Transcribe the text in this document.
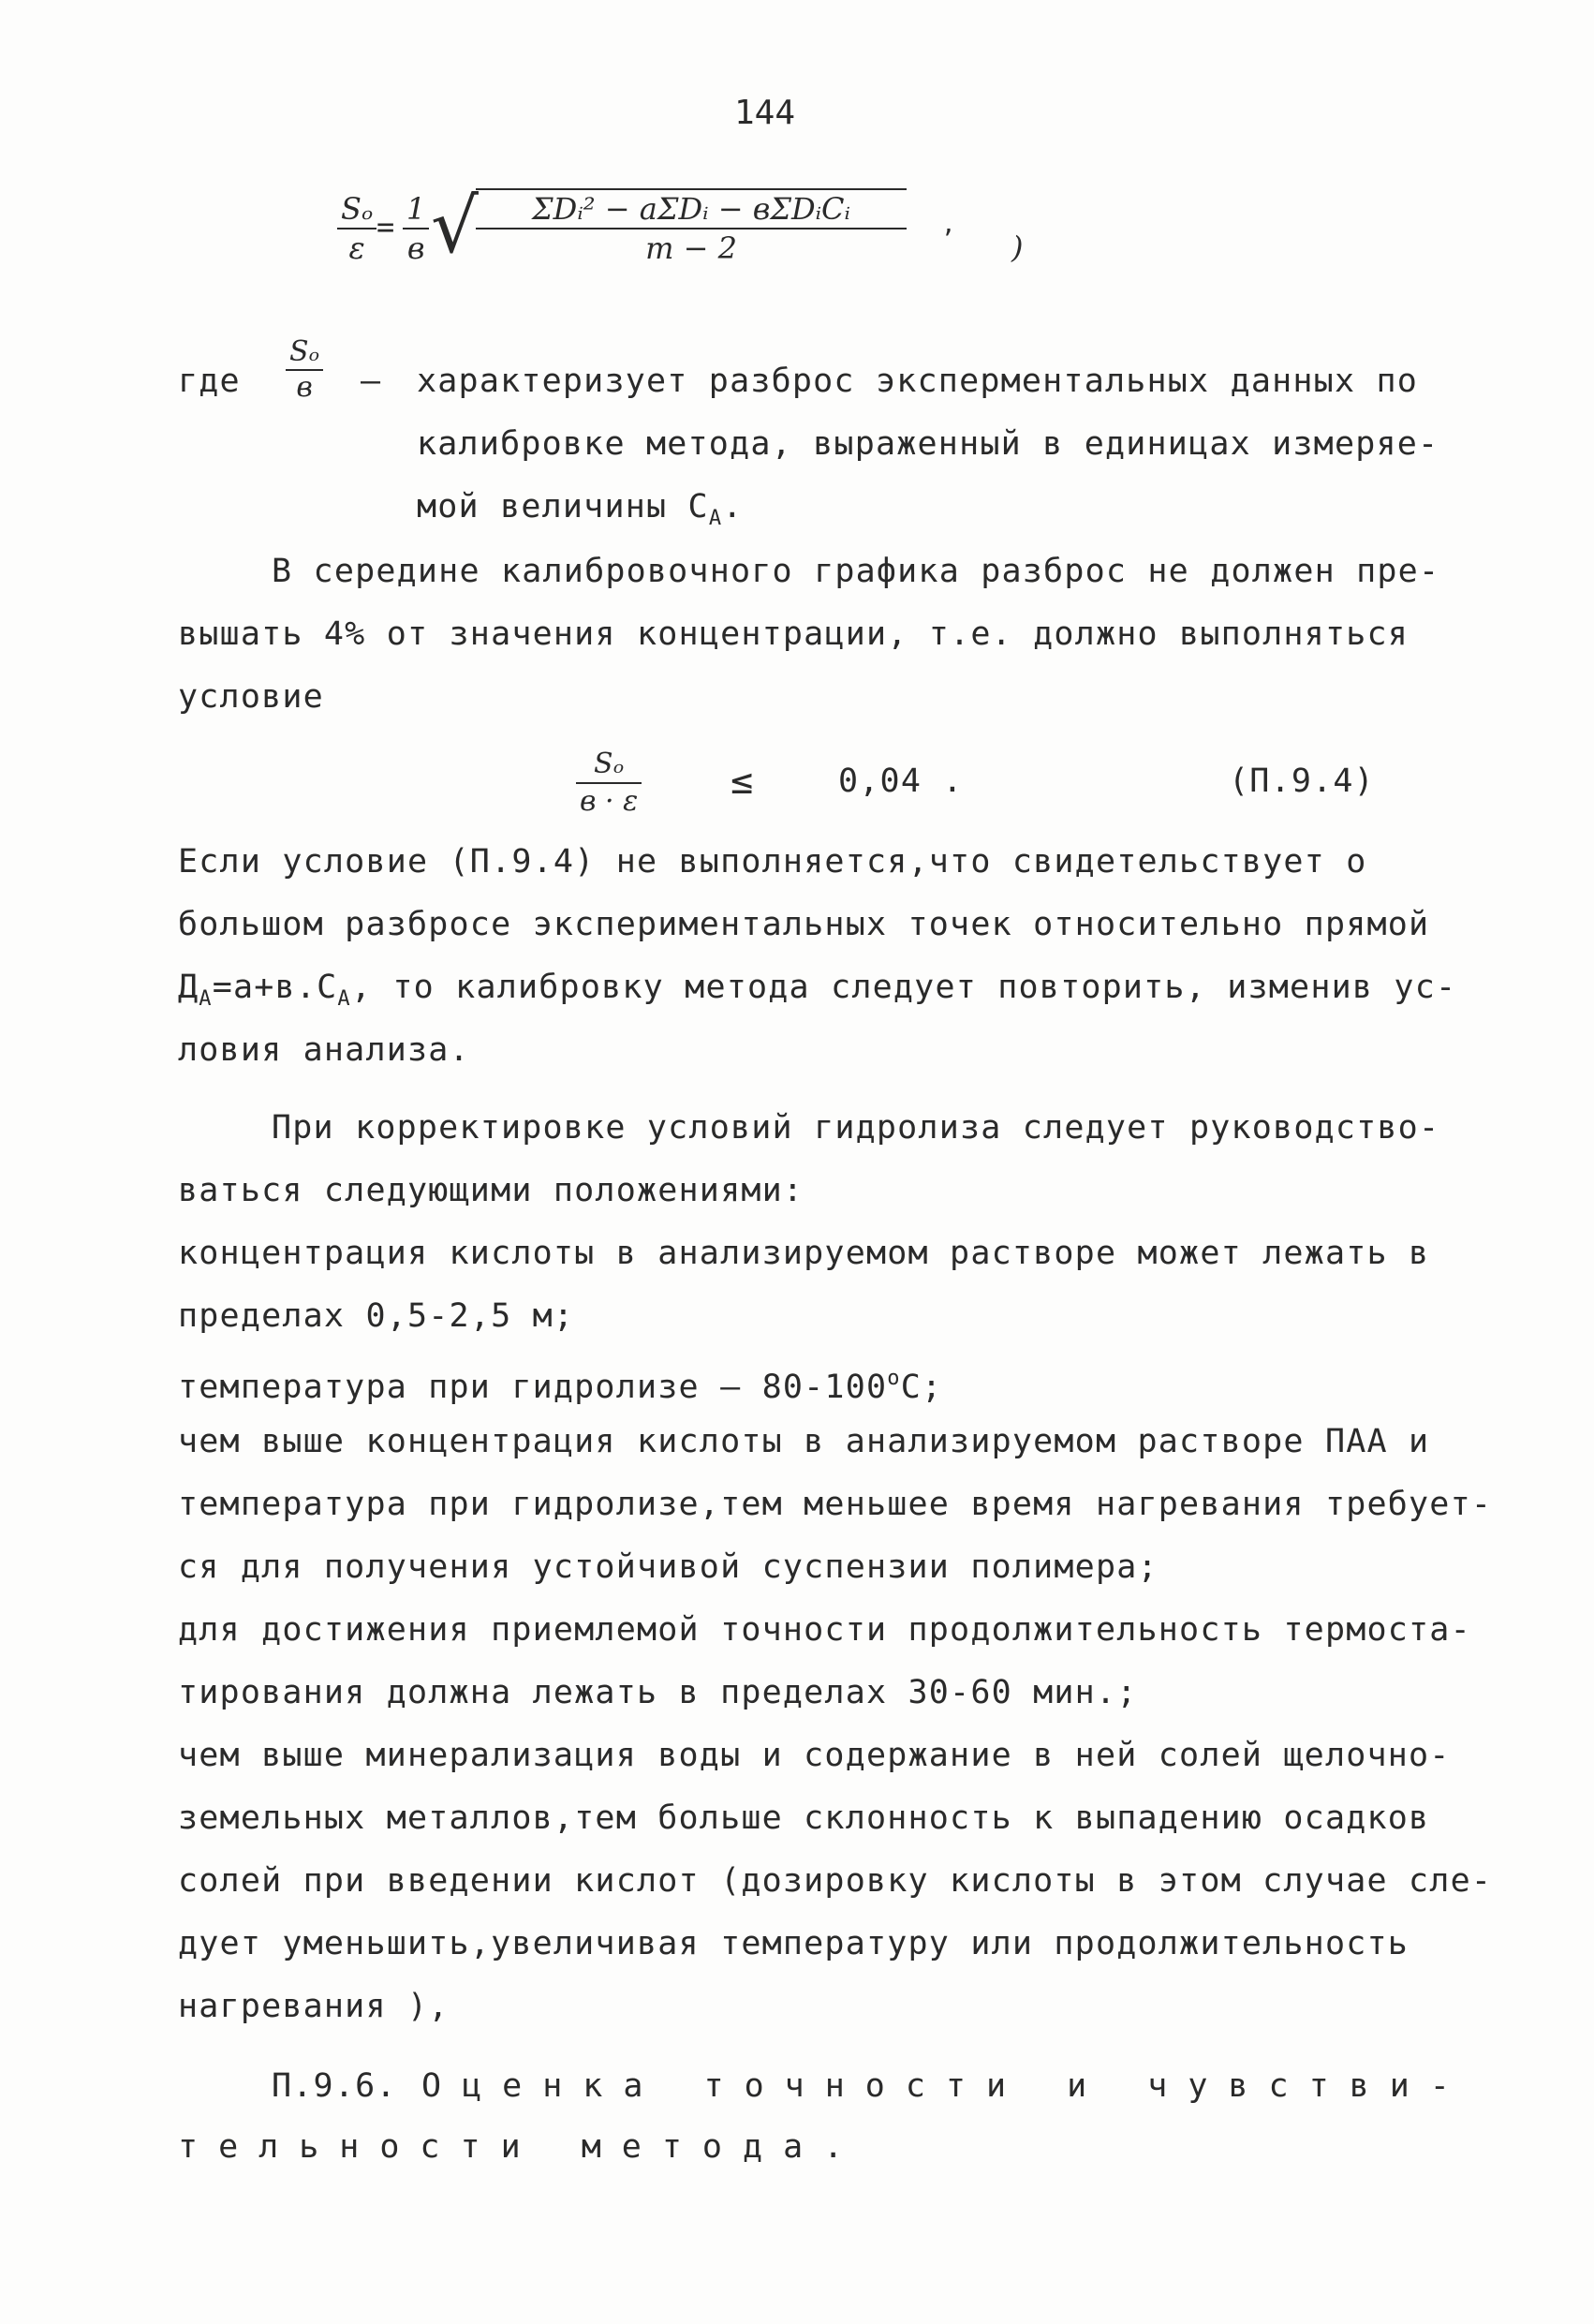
144
$\frac{\text{Sₒ}}{\varepsilon} = 1$
в √	ΣDᵢ² − aΣDᵢ − вΣDᵢCᵢ
m − 2
,
)
где
Sₒ
в	– характеризует разброс эксперментальных данных по
калибровке метода, выраженный в единицах измеряе-
мой величины $С_А$.
В середине калибровочного графика разброс не должен пре-
вышать 4% от значения концентрации, т.е. должно выполняться
условие
Sₒ
в · ε ≤	0,04 .	(П.9.4)
Если условие (П.9.4) не выполняется,что свидетельствует о
большом разбросе экспериментальных точек относительно прямой
$Д_А=а+в.С_А$, то калибровку метода следует повторить, изменив ус-
ловия анализа.
При корректировке условий гидролиза следует руководство-
ваться следующими положениями:
концентрация кислоты в анализируемом растворе может лежать в
пределах 0,5-2,5 м;
температура при гидролизе – $80-100^оС$;
чем выше концентрация кислоты в анализируемом растворе ПАА и
температура при гидролизе,тем меньшее время нагревания требует-
ся для получения устойчивой суспензии полимера;
для достижения приемлемой точности продолжительность термоста-
тирования должна лежать в пределах 30-60 мин.;
чем выше минерализация воды и содержание в ней солей щелочно-
земельных металлов,тем больше склонность к выпадению осадков
солей при введении кислот (дозировку кислоты в этом случае сле-
дует уменьшить,увеличивая температуру или продолжительность
нагревания ),
П.9.6. Оценка точности и чувстви-
тельности метода.
